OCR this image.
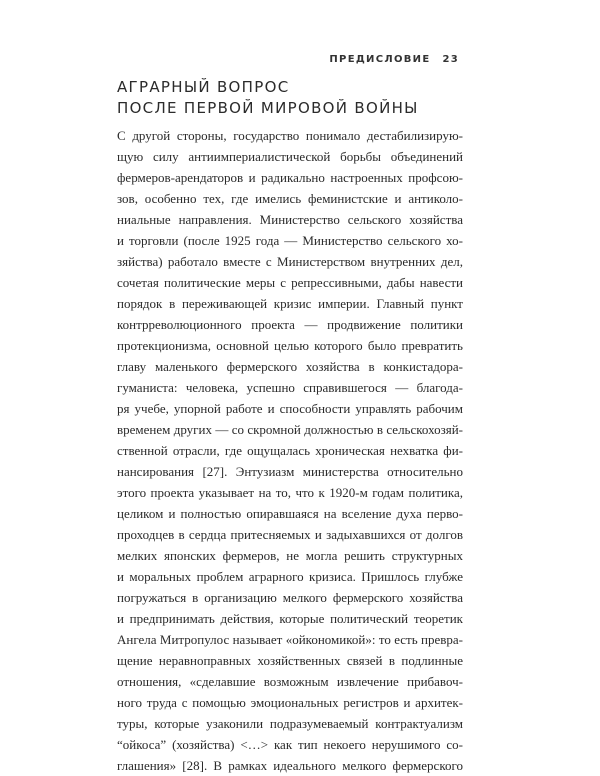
ПРЕДИСЛОВИЕ 23
АГРАРНЫЙ ВОПРОС
ПОСЛЕ ПЕРВОЙ МИРОВОЙ ВОЙНЫ
С другой стороны, государство понимало дестабилизирую-
щую силу антиимпериалистической борьбы объединений
фермеров-арендаторов и радикально настроенных профсою-
зов, особенно тех, где имелись феминистские и антиколо-
ниальные направления. Министерство сельского хозяйства
и торговли (после 1925 года — Министерство сельского хо-
зяйства) работало вместе с Министерством внутренних дел,
сочетая политические меры с репрессивными, дабы навести
порядок в переживающей кризис империи. Главный пункт
контрреволюционного проекта — продвижение политики
протекционизма, основной целью которого было превратить
главу маленького фермерского хозяйства в конкистадора-
гуманиста: человека, успешно справившегося — благода-
ря учебе, упорной работе и способности управлять рабочим
временем других — со скромной должностью в сельскохозяй-
ственной отрасли, где ощущалась хроническая нехватка фи-
нансирования [27]. Энтузиазм министерства относительно
этого проекта указывает на то, что к 1920-м годам политика,
целиком и полностью опиравшаяся на вселение духа перво-
проходцев в сердца притесняемых и задыхавшихся от долгов
мелких японских фермеров, не могла решить структурных
и моральных проблем аграрного кризиса. Пришлось глубже
погружаться в организацию мелкого фермерского хозяйства
и предпринимать действия, которые политический теоретик
Ангела Митропулос называет «ойкономикой»: то есть превра-
щение неравноправных хозяйственных связей в подлинные
отношения, «сделавшие возможным извлечение прибавоч-
ного труда с помощью эмоциональных регистров и архитек-
туры, которые узаконили подразумеваемый контрактуализм
“ойкоса” (хозяйства) <…> как тип некоего нерушимого со-
глашения» [28]. В рамках идеального мелкого фермерского
